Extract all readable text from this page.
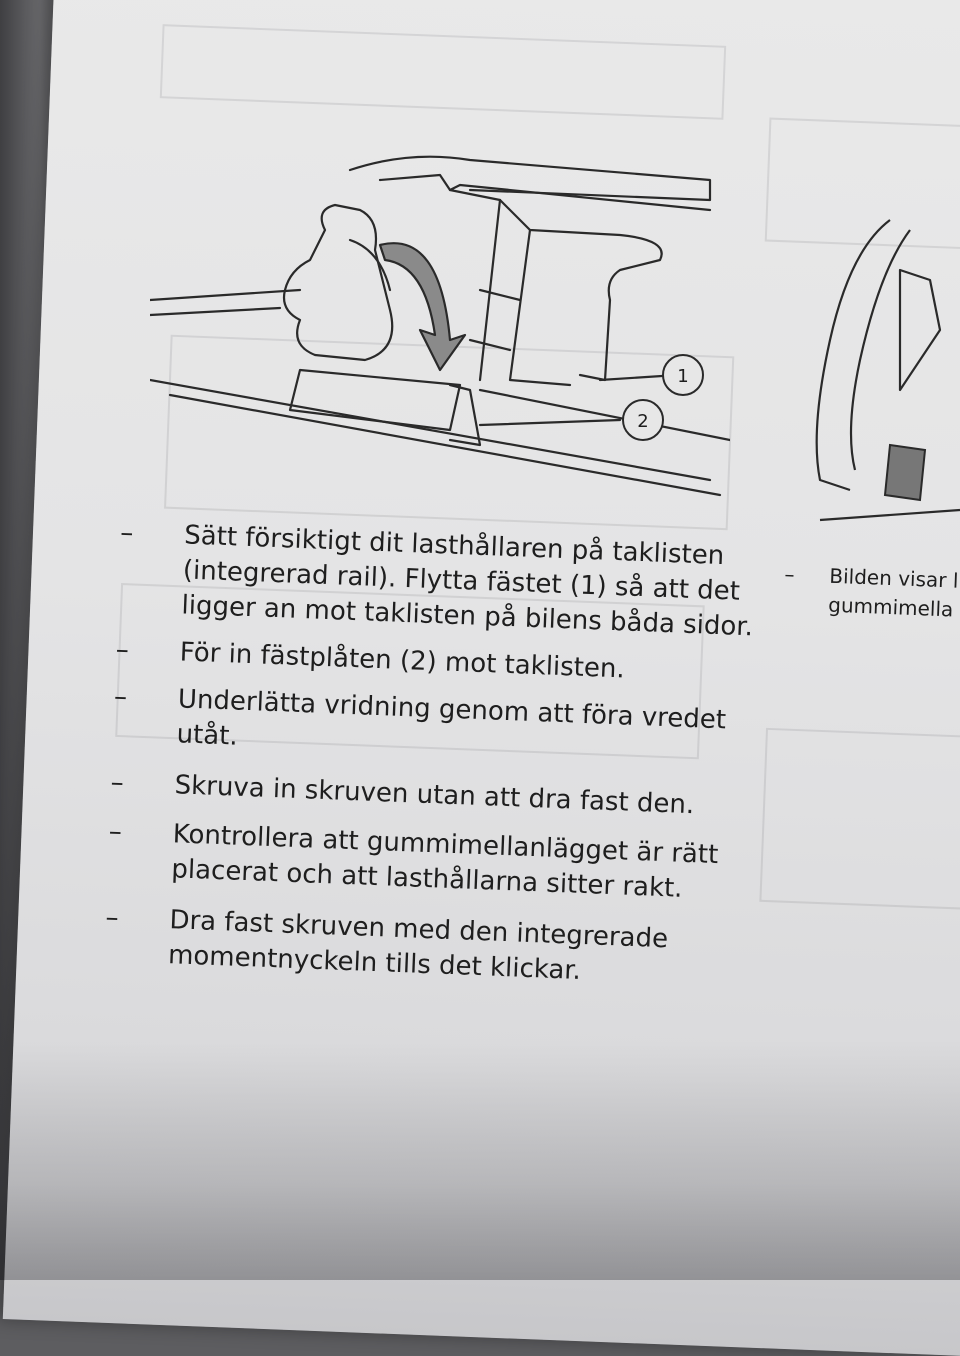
1
2

– Sätt försiktigt dit lasthållaren på taklisten (integrerad rail). Flytta fästet (1) så att det ligger an mot taklisten på bilens båda sidor.

– För in fästplåten (2) mot taklisten.

– Underlätta vridning genom att föra vredet utåt.

– Skruva in skruven utan att dra fast den.

– Kontrollera att gummimellanlägget är rätt placerat och att lasthållarna sitter rakt.

– Dra fast skruven med den integrerade momentnyckeln tills det klickar.

– Bilden visar l
gummimella
